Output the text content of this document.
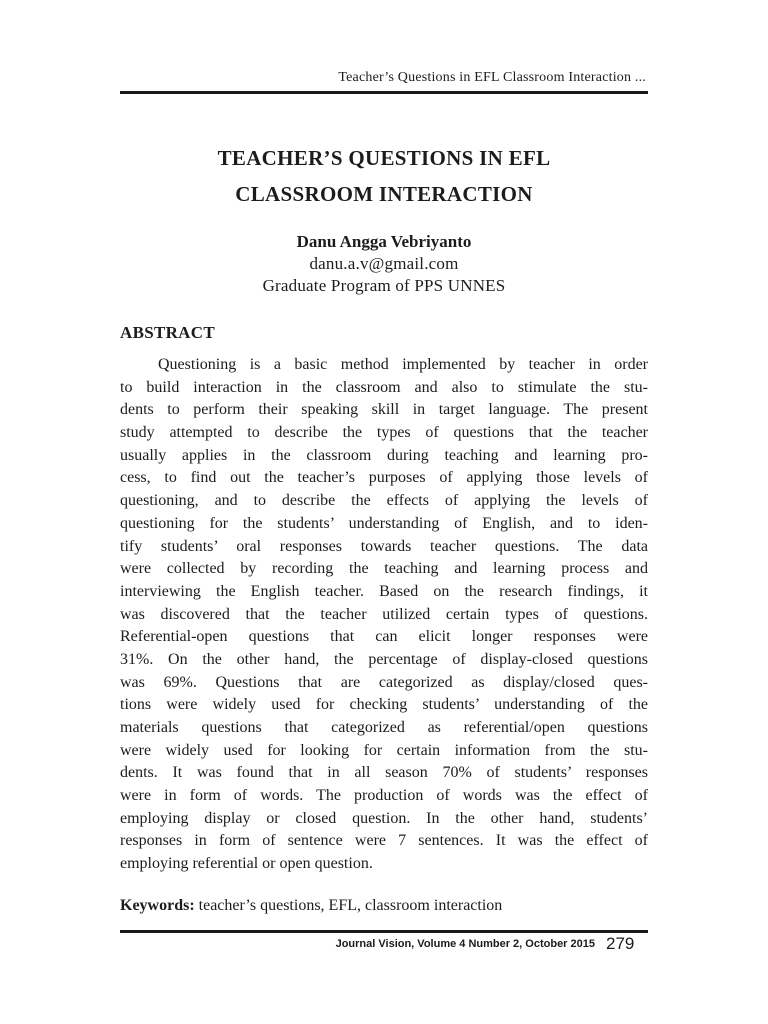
Teacher’s Questions in EFL Classroom Interaction ...
TEACHER’S QUESTIONS IN EFL
CLASSROOM INTERACTION
Danu Angga Vebriyanto
danu.a.v@gmail.com
Graduate Program of PPS UNNES
ABSTRACT
Questioning is a basic method implemented by teacher in order
to build interaction in the classroom and also to stimulate the stu-
dents to perform their speaking skill in target language. The present
study attempted to describe the types of questions that the teacher
usually applies in the classroom during teaching and learning pro-
cess, to find out the teacher’s purposes of applying those levels of
questioning, and to describe the effects of applying the levels of
questioning for the students’ understanding of English, and to iden-
tify students’ oral responses towards teacher questions. The data
were collected by recording the teaching and learning process and
interviewing the English teacher. Based on the research findings, it
was discovered that the teacher utilized certain types of questions.
Referential-open questions that can elicit longer responses were
31%. On the other hand, the percentage of display-closed questions
was 69%. Questions that are categorized as display/closed ques-
tions were widely used for checking students’ understanding of the
materials questions that categorized as referential/open questions
were widely used for looking for certain information from the stu-
dents. It was found that in all season 70% of students’ responses
were in form of words. The production of words was the effect of
employing display or closed question. In the other hand, students’
responses in form of sentence were 7 sentences. It was the effect of
employing referential or open question.
Keywords: teacher’s questions, EFL, classroom interaction
Journal Vision, Volume 4 Number 2, October 2015 279
